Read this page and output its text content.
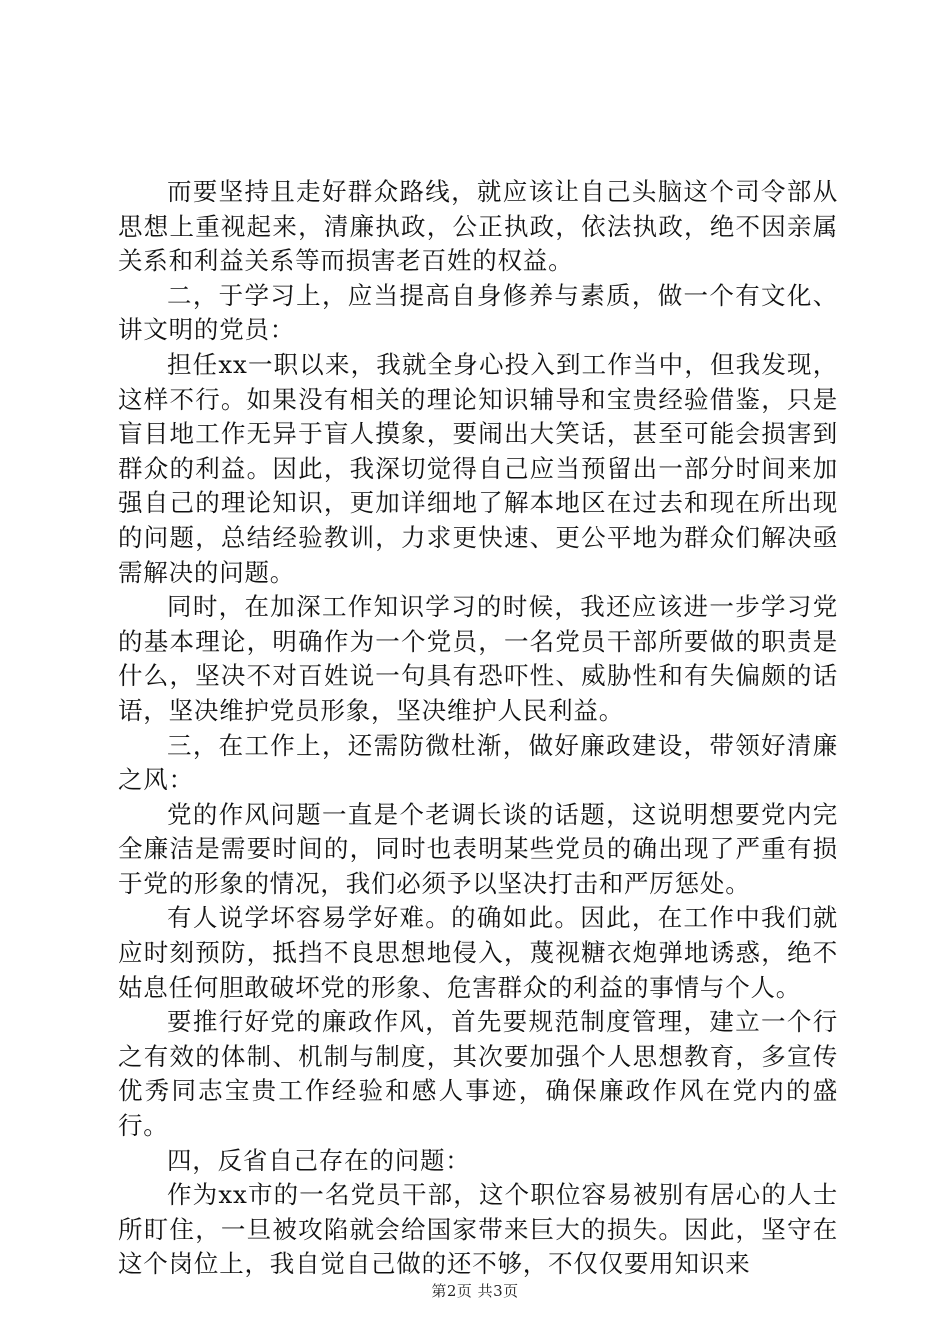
而要坚持且走好群众路线，就应该让自己头脑这个司令部从思想上重视起来，清廉执政，公正执政，依法执政，绝不因亲属关系和利益关系等而损害老百姓的权益。

二，于学习上，应当提高自身修养与素质，做一个有文化、讲文明的党员：

担任xx一职以来，我就全身心投入到工作当中，但我发现，这样不行。如果没有相关的理论知识辅导和宝贵经验借鉴，只是盲目地工作无异于盲人摸象，要闹出大笑话，甚至可能会损害到群众的利益。因此，我深切觉得自己应当预留出一部分时间来加强自己的理论知识，更加详细地了解本地区在过去和现在所出现的问题，总结经验教训，力求更快速、更公平地为群众们解决亟需解决的问题。

同时，在加深工作知识学习的时候，我还应该进一步学习党的基本理论，明确作为一个党员，一名党员干部所要做的职责是什么，坚决不对百姓说一句具有恐吓性、威胁性和有失偏颇的话语，坚决维护党员形象，坚决维护人民利益。

三，在工作上，还需防微杜渐，做好廉政建设，带领好清廉之风：

党的作风问题一直是个老调长谈的话题，这说明想要党内完全廉洁是需要时间的，同时也表明某些党员的确出现了严重有损于党的形象的情况，我们必须予以坚决打击和严厉惩处。

有人说学坏容易学好难。的确如此。因此，在工作中我们就应时刻预防，抵挡不良思想地侵入，蔑视糖衣炮弹地诱惑，绝不姑息任何胆敢破坏党的形象、危害群众的利益的事情与个人。

要推行好党的廉政作风，首先要规范制度管理，建立一个行之有效的体制、机制与制度，其次要加强个人思想教育，多宣传优秀同志宝贵工作经验和感人事迹，确保廉政作风在党内的盛行。

四，反省自己存在的问题：

作为xx市的一名党员干部，这个职位容易被别有居心的人士所盯住，一旦被攻陷就会给国家带来巨大的损失。因此，坚守在这个岗位上，我自觉自己做的还不够，不仅仅要用知识来

第2页 共3页
